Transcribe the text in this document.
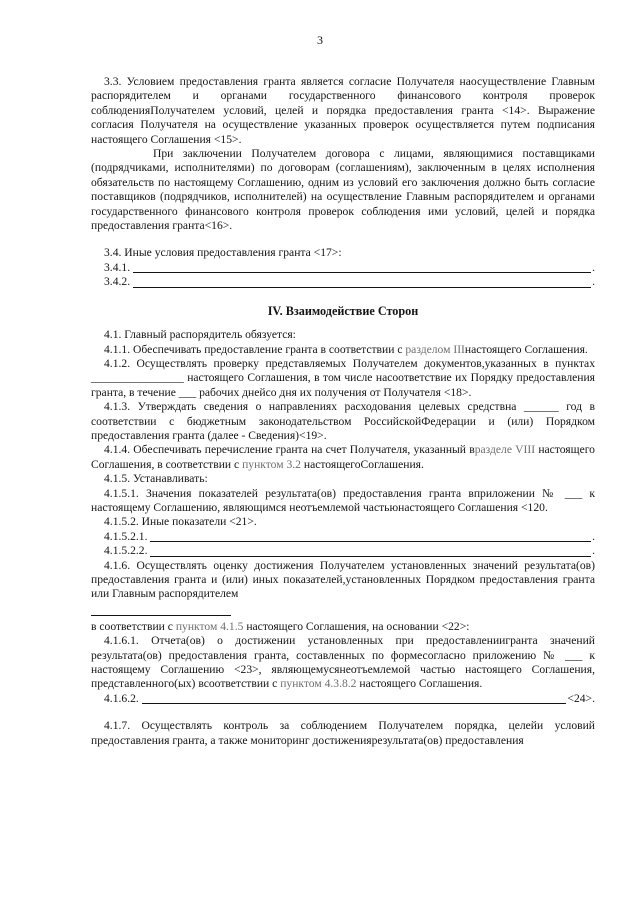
3

3.3. Условием предоставления гранта является согласие Получателя наосуществление Главным распорядителем и органами государственного финансового контроля проверок соблюденияПолучателем условий, целей и порядка предоставления гранта <14>. Выражение согласия Получателя на осуществление указанных проверок осуществляется путем подписания настоящего Соглашения <15>.

При заключении Получателем договора с лицами, являющимися поставщиками (подрядчиками, исполнителями) по договорам (соглашениям), заключенным в целях исполнения обязательств по настоящему Соглашению, одним из условий его заключения должно быть согласие поставщиков (подрядчиков, исполнителей) на осуществление Главным распорядителем и органами государственного финансового контроля проверок соблюдения ими условий, целей и порядка предоставления гранта<16>.

3.4. Иные условия предоставления гранта <17>:

3.4.1.	.
3.4.2.	.
IV. Взаимодействие Сторон

4.1. Главный распорядитель обязуется:

4.1.1. Обеспечивать предоставление гранта в соответствии с разделом IIIнастоящего Соглашения.

4.1.2. Осуществлять проверку представляемых Получателем документов,указанных в пунктах ________________ настоящего Соглашения, в том числе насоответствие их Порядку предоставления гранта, в течение ___ рабочих днейсо дня их получения от Получателя <18>.

4.1.3. Утверждать сведения о направлениях расходования целевых средствна ______ год в соответствии с бюджетным законодательством РоссийскойФедерации и (или) Порядком предоставления гранта (далее - Сведения)<19>.

4.1.4. Обеспечивать перечисление гранта на счет Получателя, указанный вразделе VIII настоящего Соглашения, в соответствии с пунктом 3.2 настоящегоСоглашения.

4.1.5. Устанавливать:

4.1.5.1. Значения показателей результата(ов) предоставления гранта вприложении № ___ к настоящему Соглашению, являющимся неотъемлемой частьюнастоящего Соглашения <120.

4.1.5.2. Иные показатели <21>.

4.1.5.2.1.	.
4.1.5.2.2.	.

4.1.6. Осуществлять оценку достижения Получателем установленных значений результата(ов) предоставления гранта и (или) иных показателей,установленных Порядком предоставления гранта или Главным распорядителем

в соответствии с пунктом 4.1.5 настоящего Соглашения, на основании <22>:

4.1.6.1. Отчета(ов) о достижении установленных при предоставлениигранта значений результата(ов) предоставления гранта, составленных по формесогласно приложению № ___ к настоящему Соглашению <23>, являющемусянеотъемлемой частью настоящего Соглашения, представленного(ых) всоответствии с пунктом 4.3.8.2 настоящего Соглашения.

4.1.6.2.	<24>.

4.1.7. Осуществлять контроль за соблюдением Получателем порядка, целейи условий предоставления гранта, а также мониторинг достижениярезультата(ов) предоставления
